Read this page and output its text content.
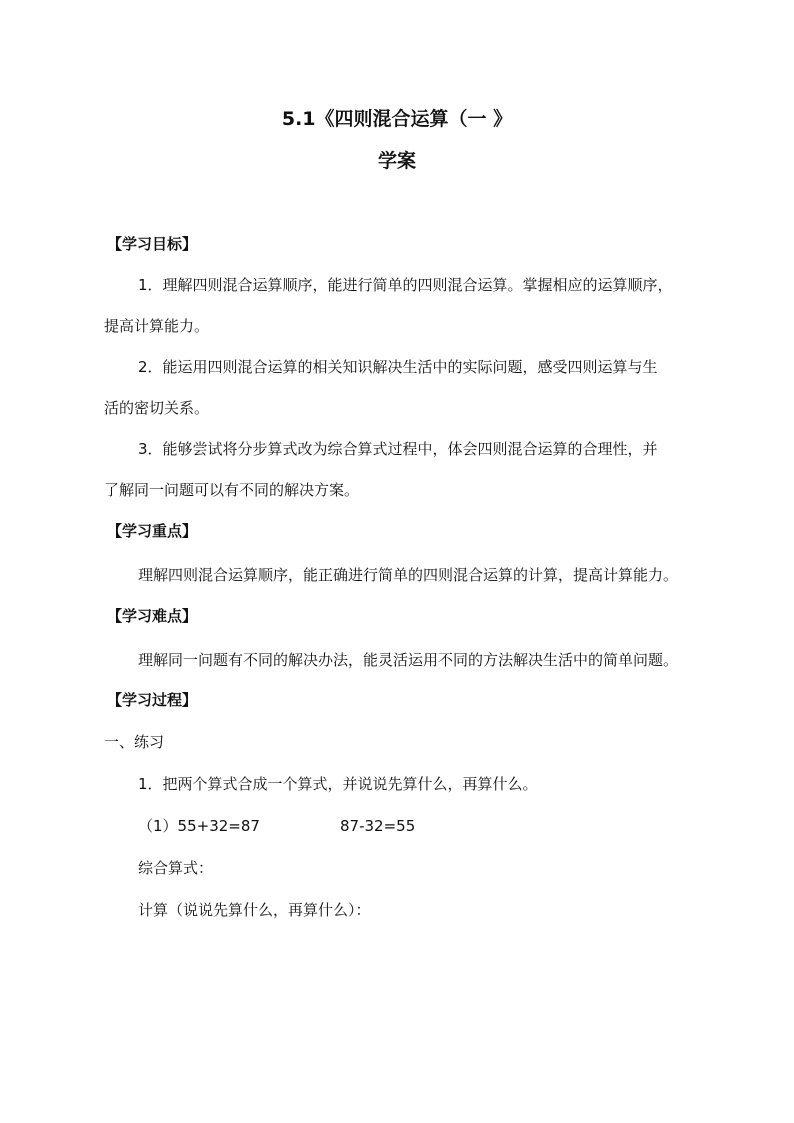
5.1《四则混合运算（一 》
学案
【学习目标】
1．理解四则混合运算顺序，能进行简单的四则混合运算。掌握相应的运算顺序，
提高计算能力。
2．能运用四则混合运算的相关知识解决生活中的实际问题，感受四则运算与生
活的密切关系。
3．能够尝试将分步算式改为综合算式过程中，体会四则混合运算的合理性，并
了解同一问题可以有不同的解决方案。
【学习重点】
理解四则混合运算顺序，能正确进行简单的四则混合运算的计算，提高计算能力。
【学习难点】
理解同一问题有不同的解决办法，能灵活运用不同的方法解决生活中的简单问题。
【学习过程】
一、练习
1．把两个算式合成一个算式，并说说先算什么，再算什么。
（1）55+32=87	87-32=55
综合算式：
计算（说说先算什么，再算什么）：
